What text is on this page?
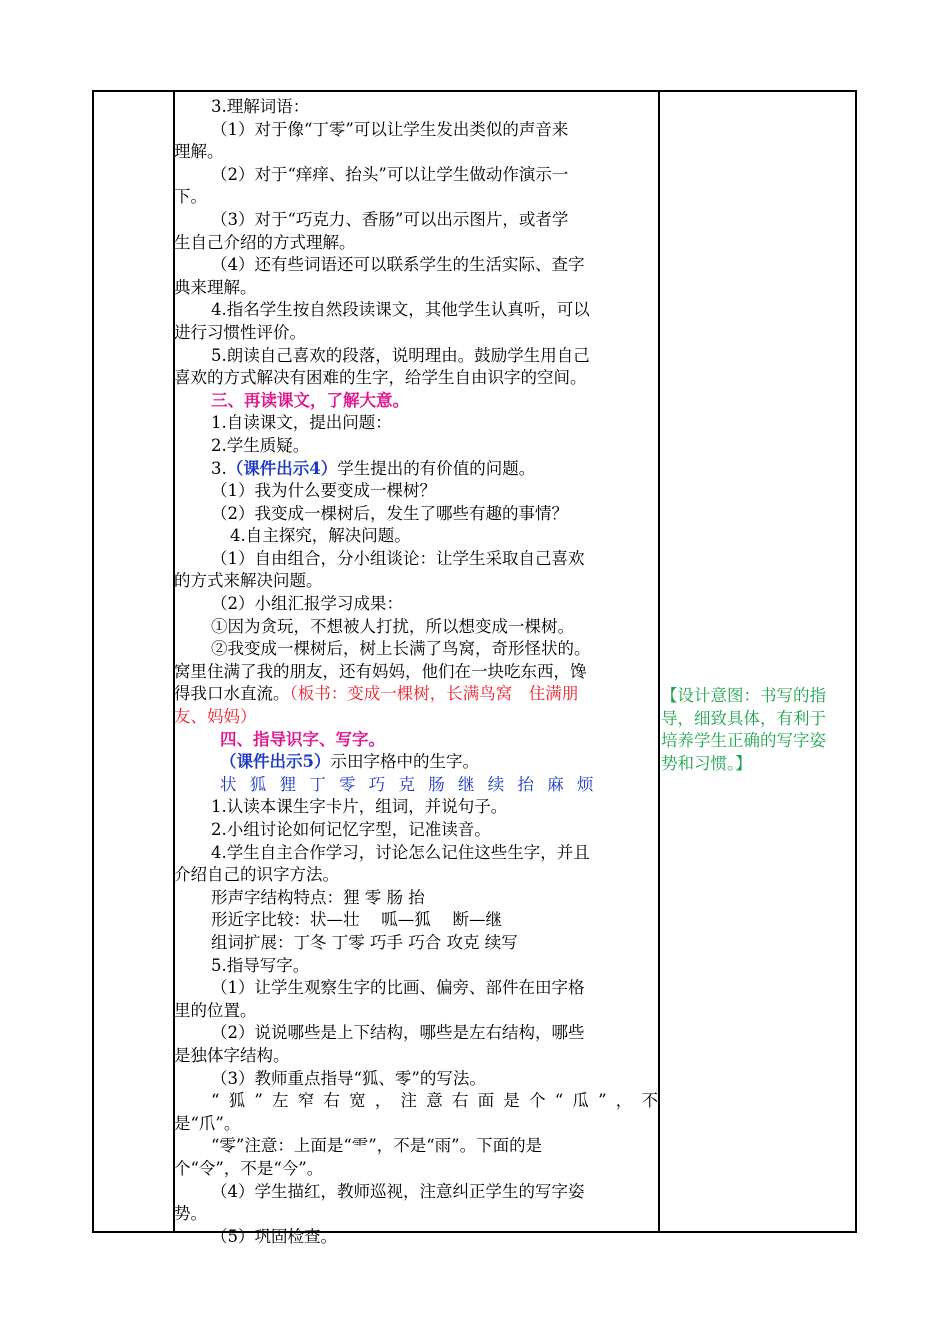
3.理解词语：
（1）对于像“丁零”可以让学生发出类似的声音来
理解。
（2）对于“痒痒、抬头”可以让学生做动作演示一
下。
（3）对于“巧克力、香肠”可以出示图片，或者学
生自己介绍的方式理解。
（4）还有些词语还可以联系学生的生活实际、查字
典来理解。
4.指名学生按自然段读课文，其他学生认真听，可以
进行习惯性评价。
5.朗读自己喜欢的段落，说明理由。鼓励学生用自己
喜欢的方式解决有困难的生字，给学生自由识字的空间。
三、再读课文，了解大意。
1.自读课文，提出问题：
2.学生质疑。
3.（课件出示4）学生提出的有价值的问题。
（1）我为什么要变成一棵树？
（2）我变成一棵树后，发生了哪些有趣的事情？
4.自主探究，解决问题。
（1）自由组合，分小组谈论：让学生采取自己喜欢
的方式来解决问题。
（2）小组汇报学习成果：
①因为贪玩，不想被人打扰，所以想变成一棵树。
②我变成一棵树后，树上长满了鸟窝，奇形怪状的。
窝里住满了我的朋友，还有妈妈，他们在一块吃东西，馋
得我口水直流。（板书：变成一棵树，长满鸟窝　住满朋
友、妈妈）
四、指导识字、写字。
（课件出示5）示田字格中的生字。
状 狐 狸 丁 零 巧 克 肠 继 续 抬 麻 烦
1.认读本课生字卡片，组词，并说句子。
2.小组讨论如何记忆字型，记准读音。
4.学生自主合作学习，讨论怎么记住这些生字，并且
介绍自己的识字方法。
形声字结构特点：狸 零 肠 抬
形近字比较：状—壮　 呱—狐　 断—继
组词扩展：丁冬 丁零 巧手 巧合 攻克 续写
5.指导写字。
（1）让学生观察生字的比画、偏旁、部件在田字格
里的位置。
（2）说说哪些是上下结构，哪些是左右结构，哪些
是独体字结构。
（3）教师重点指导“狐、零”的写法。
“狐”左窄右宽，注意右面是个“瓜”，不
是“爪”。
“零”注意：上面是“⻗”，不是“雨”。下面的是
个“令”，不是“今”。
（4）学生描红，教师巡视，注意纠正学生的写字姿
势。
（5）巩固检查。
【设计意图：书写的指
导，细致具体，有利于
培养学生正确的写字姿
势和习惯。】
